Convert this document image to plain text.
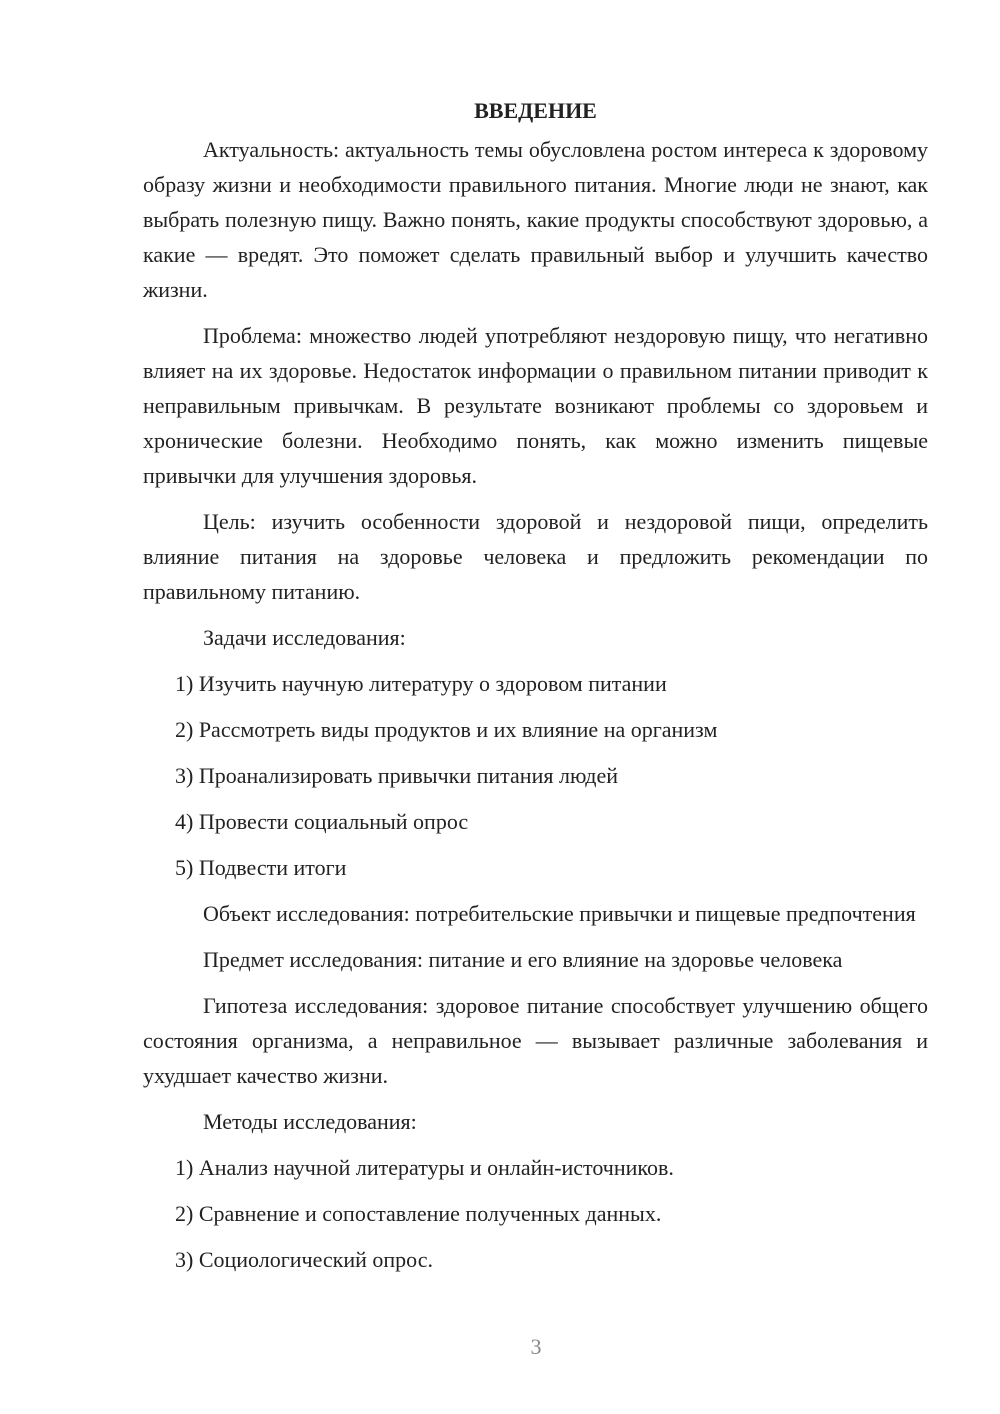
ВВЕДЕНИЕ

Актуальность: актуальность темы обусловлена ростом интереса к здоровому образу жизни и необходимости правильного питания. Многие люди не знают, как выбрать полезную пищу. Важно понять, какие продукты способствуют здоровью, а какие — вредят. Это поможет сделать правильный выбор и улучшить качество жизни.

Проблема: множество людей употребляют нездоровую пищу, что негативно влияет на их здоровье. Недостаток информации о правильном питании приводит к неправильным привычкам. В результате возникают проблемы со здоровьем и хронические болезни. Необходимо понять, как можно изменить пищевые привычки для улучшения здоровья.

Цель: изучить особенности здоровой и нездоровой пищи, определить влияние питания на здоровье человека и предложить рекомендации по правильному питанию.

Задачи исследования:

1) Изучить научную литературу о здоровом питании
2) Рассмотреть виды продуктов и их влияние на организм
3) Проанализировать привычки питания людей
4) Провести социальный опрос
5) Подвести итоги

Объект исследования: потребительские привычки и пищевые предпочтения

Предмет исследования: питание и его влияние на здоровье человека

Гипотеза исследования: здоровое питание способствует улучшению общего состояния организма, а неправильное — вызывает различные заболевания и ухудшает качество жизни.

Методы исследования:

1) Анализ научной литературы и онлайн-источников.
2) Сравнение и сопоставление полученных данных.
3) Социологический опрос.
3
